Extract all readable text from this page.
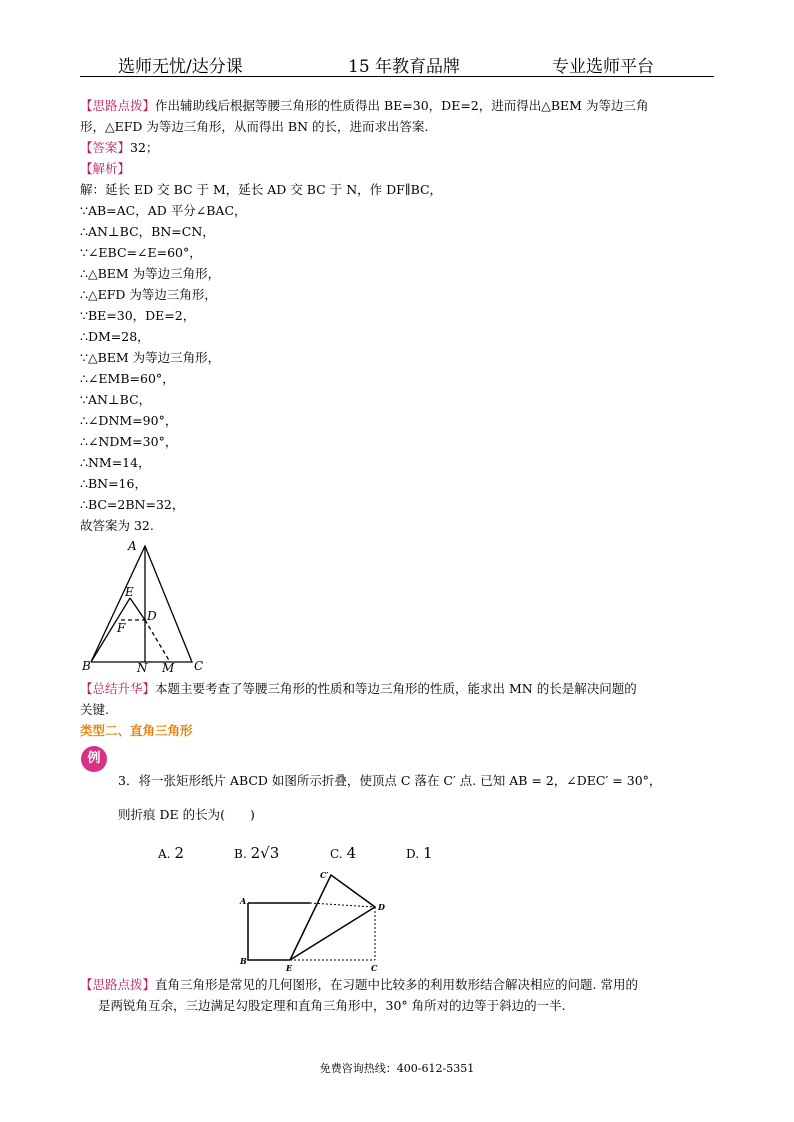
选师无忧/达分课	15 年教育品牌	专业选师平台
【思路点拨】作出辅助线后根据等腰三角形的性质得出 BE=30，DE=2，进而得出△BEM 为等边三角
形，△EFD 为等边三角形，从而得出 BN 的长，进而求出答案.
【答案】32；
【解析】
解：延长 ED 交 BC 于 M，延长 AD 交 BC 于 N，作 DF∥BC，
∵AB=AC，AD 平分∠BAC，
∴AN⊥BC，BN=CN，
∵∠EBC=∠E=60°，
∴△BEM 为等边三角形，
∴△EFD 为等边三角形，
∵BE=30，DE=2，
∴DM=28，
∵△BEM 为等边三角形，
∴∠EMB=60°，
∵AN⊥BC，
∴∠DNM=90°，
∴∠NDM=30°，
∴NM=14，
∴BN=16，
∴BC=2BN=32，
故答案为 32.
A
B	C
D
E
F
N M
【总结升华】本题主要考查了等腰三角形的性质和等边三角形的性质，能求出 MN 的长是解决问题的
关键.
类型二、直角三角形
例
3．将一张矩形纸片 ABCD 如图所示折叠，使顶点 C 落在 C′ 点. 已知 AB = 2，∠DEC′ = 30°，
则折痕 DE 的长为(　　)
A. 2	B. 2√3	C. 4	D. 1
A
B
C
D
E
C′
【思路点拨】直角三角形是常见的几何图形，在习题中比较多的利用数形结合解决相应的问题. 常用的
是两锐角互余，三边满足勾股定理和直角三角形中，30° 角所对的边等于斜边的一半.
免费咨询热线：400-612-5351
